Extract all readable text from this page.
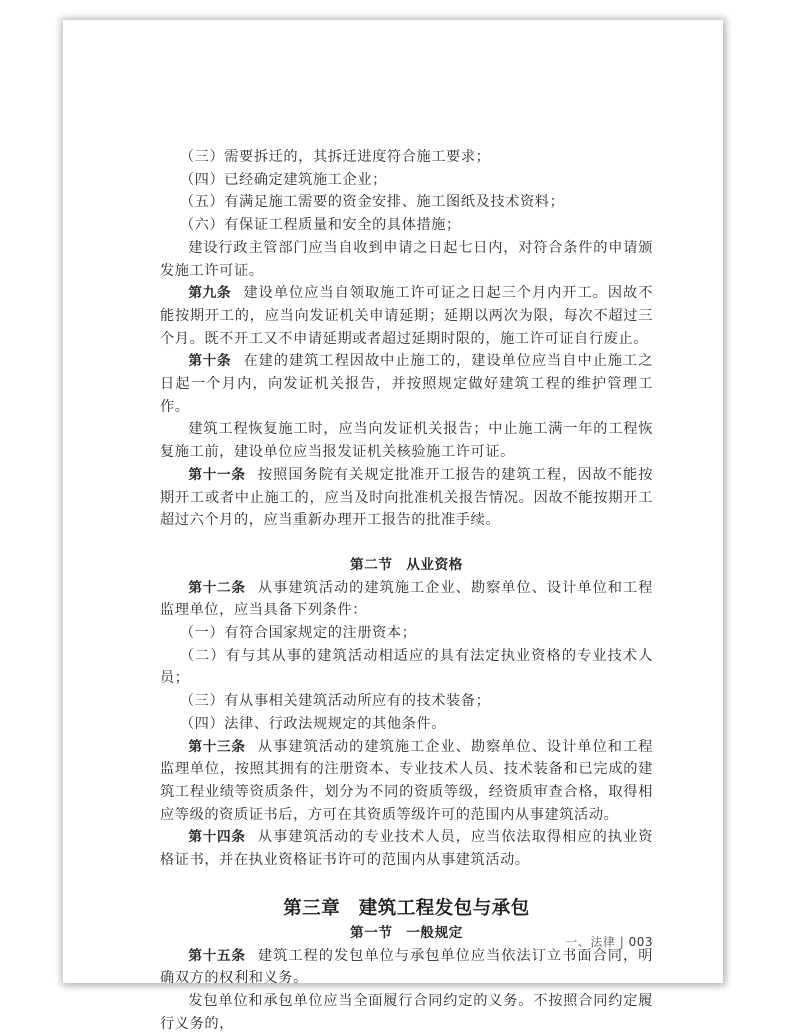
（三）需要拆迁的，其拆迁进度符合施工要求；

（四）已经确定建筑施工企业；

（五）有满足施工需要的资金安排、施工图纸及技术资料；

（六）有保证工程质量和安全的具体措施；

建设行政主管部门应当自收到申请之日起七日内，对符合条件的申请颁发施工许可证。

第九条 建设单位应当自领取施工许可证之日起三个月内开工。因故不能按期开工的，应当向发证机关申请延期；延期以两次为限，每次不超过三个月。既不开工又不申请延期或者超过延期时限的，施工许可证自行废止。

第十条 在建的建筑工程因故中止施工的，建设单位应当自中止施工之日起一个月内，向发证机关报告，并按照规定做好建筑工程的维护管理工作。

建筑工程恢复施工时，应当向发证机关报告；中止施工满一年的工程恢复施工前，建设单位应当报发证机关核验施工许可证。

第十一条 按照国务院有关规定批准开工报告的建筑工程，因故不能按期开工或者中止施工的，应当及时向批准机关报告情况。因故不能按期开工超过六个月的，应当重新办理开工报告的批准手续。

第二节 从业资格

第十二条 从事建筑活动的建筑施工企业、勘察单位、设计单位和工程监理单位，应当具备下列条件：

（一）有符合国家规定的注册资本；

（二）有与其从事的建筑活动相适应的具有法定执业资格的专业技术人员；

（三）有从事相关建筑活动所应有的技术装备；

（四）法律、行政法规规定的其他条件。

第十三条 从事建筑活动的建筑施工企业、勘察单位、设计单位和工程监理单位，按照其拥有的注册资本、专业技术人员、技术装备和已完成的建筑工程业绩等资质条件，划分为不同的资质等级，经资质审查合格，取得相应等级的资质证书后，方可在其资质等级许可的范围内从事建筑活动。

第十四条 从事建筑活动的专业技术人员，应当依法取得相应的执业资格证书，并在执业资格证书许可的范围内从事建筑活动。

第三章 建筑工程发包与承包

第一节 一般规定

第十五条 建筑工程的发包单位与承包单位应当依法订立书面合同，明确双方的权利和义务。

发包单位和承包单位应当全面履行合同约定的义务。不按照合同约定履行义务的，

一、法律 | 003
